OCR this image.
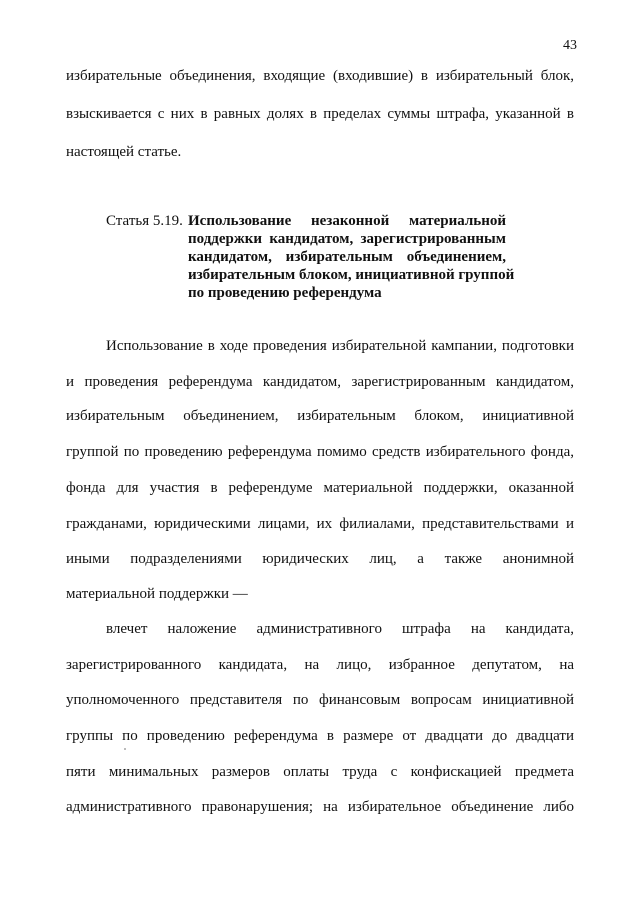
43
избирательные объединения, входящие (входившие) в избирательный блок,
взыскивается с них в равных долях в пределах суммы штрафа, указанной в
настоящей статье.
Статья 5.19. Использование незаконной материальной
поддержки кандидатом, зарегистрированным
кандидатом, избирательным объединением,
избирательным блоком, инициативной группой
по проведению референдума
Использование в ходе проведения избирательной кампании, подготовки
и проведения референдума кандидатом, зарегистрированным кандидатом,
избирательным объединением, избирательным блоком, инициативной
группой по проведению референдума помимо средств избирательного фонда,
фонда для участия в референдуме материальной поддержки, оказанной
гражданами, юридическими лицами, их филиалами, представительствами и
иными подразделениями юридических лиц, а также анонимной
материальной поддержки —
влечет наложение административного штрафа на кандидата,
зарегистрированного кандидата, на лицо, избранное депутатом, на
уполномоченного представителя по финансовым вопросам инициативной
группы по проведению референдума в размере от двадцати до двадцати
пяти минимальных размеров оплаты труда с конфискацией предмета
административного правонарушения; на избирательное объединение либо
